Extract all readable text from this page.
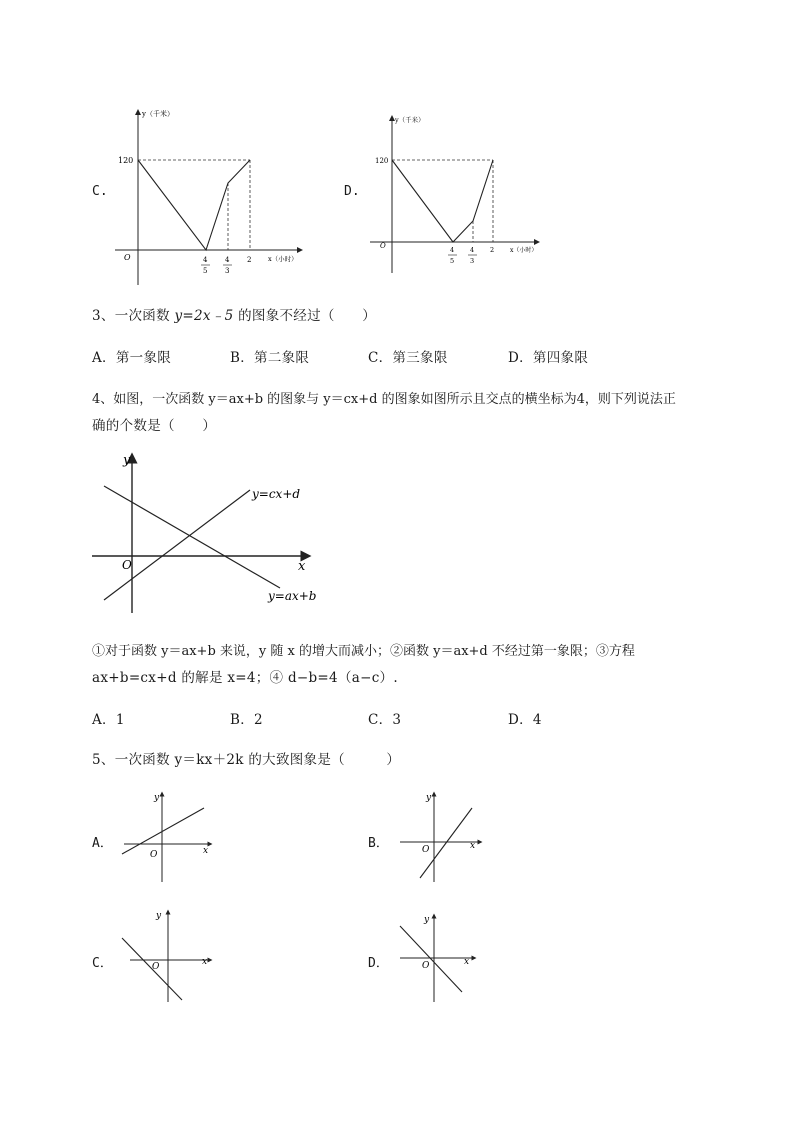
C.
y（千米）
120
O	4
5
4
3
2	x（小时）
D.
y（千米）
120
O	4
5
4
3
2	x（小时）
3、一次函数 y=2x﹣5 的图象不经过（　　）
A．第一象限	B．第二象限	C．第三象限	D．第四象限
4、如图，一次函数 y＝ax+b 的图象与 y＝cx+d 的图象如图所示且交点的横坐标为4，则下列说法正
确的个数是（　　）
y
x
O
y=cx+d
y=ax+b
①对于函数 y＝ax+b 来说，y 随 x 的增大而减小；②函数 y＝ax+d 不经过第一象限；③方程
ax+b=cx+d 的解是 x=4；④ d−b=4（a−c）.
A．1	B．2	C．3	D．4
5、一次函数 y＝kx＋2k 的大致图象是（　　　）
A．
y
x
O
B．
y
x
O
C．
y
x
O	D．
y
x
O
